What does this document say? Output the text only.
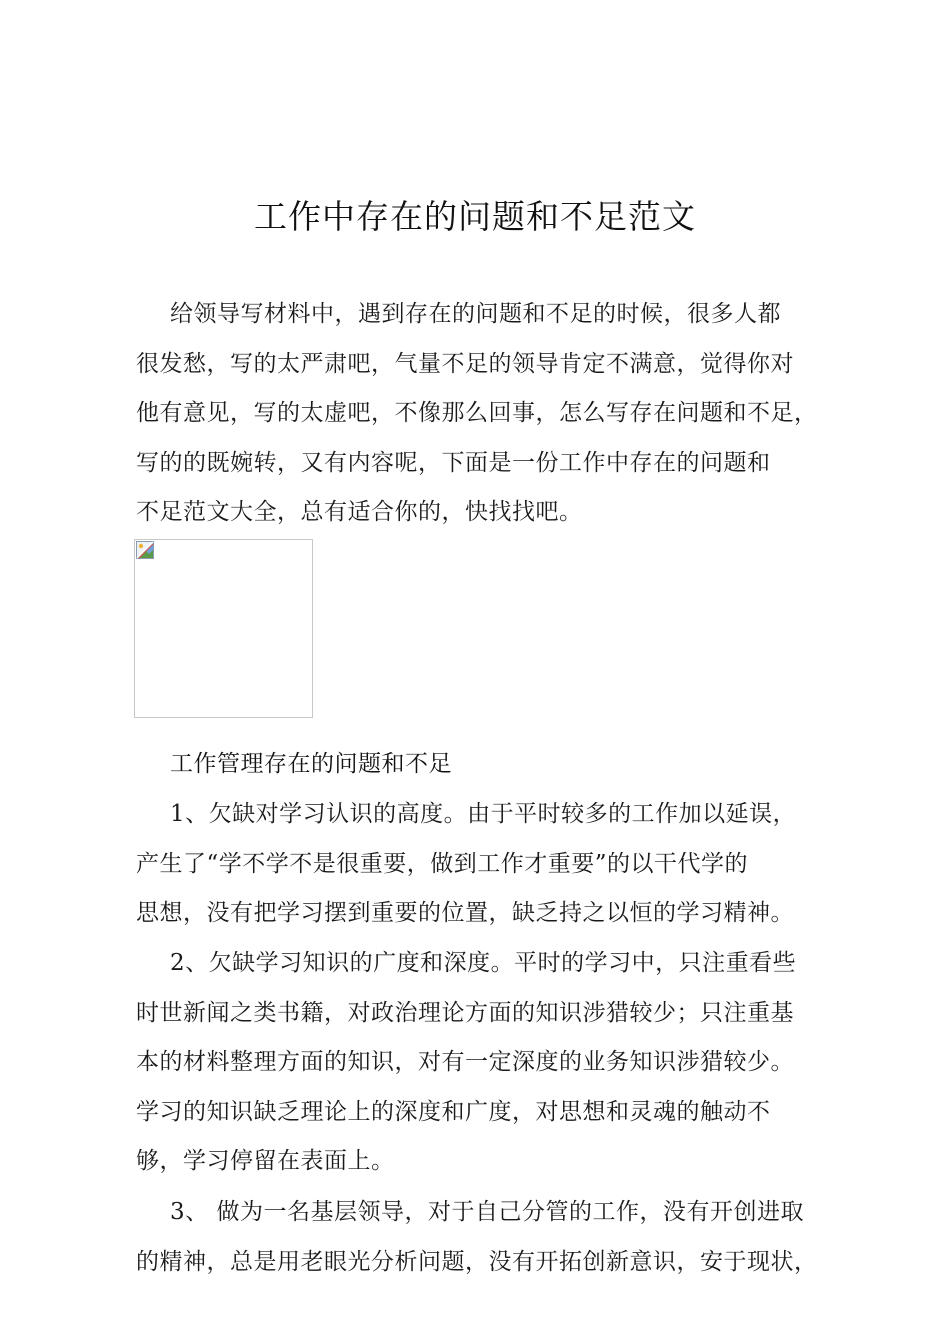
工作中存在的问题和不足范文
给领导写材料中，遇到存在的问题和不足的时候，很多人都
很发愁，写的太严肃吧，气量不足的领导肯定不满意，觉得你对
他有意见，写的太虚吧，不像那么回事，怎么写存在问题和不足，
写的的既婉转，又有内容呢，下面是一份工作中存在的问题和
不足范文大全，总有适合你的，快找找吧。
工作管理存在的问题和不足
1、欠缺对学习认识的高度。由于平时较多的工作加以延误，
产生了“学不学不是很重要，做到工作才重要”的以干代学的
思想，没有把学习摆到重要的位置，缺乏持之以恒的学习精神。
2、欠缺学习知识的广度和深度。平时的学习中，只注重看些
时世新闻之类书籍，对政治理论方面的知识涉猎较少；只注重基
本的材料整理方面的知识，对有一定深度的业务知识涉猎较少。
学习的知识缺乏理论上的深度和广度，对思想和灵魂的触动不
够，学习停留在表面上。
3、 做为一名基层领导，对于自己分管的工作，没有开创进取
的精神，总是用老眼光分析问题，没有开拓创新意识，安于现状，
